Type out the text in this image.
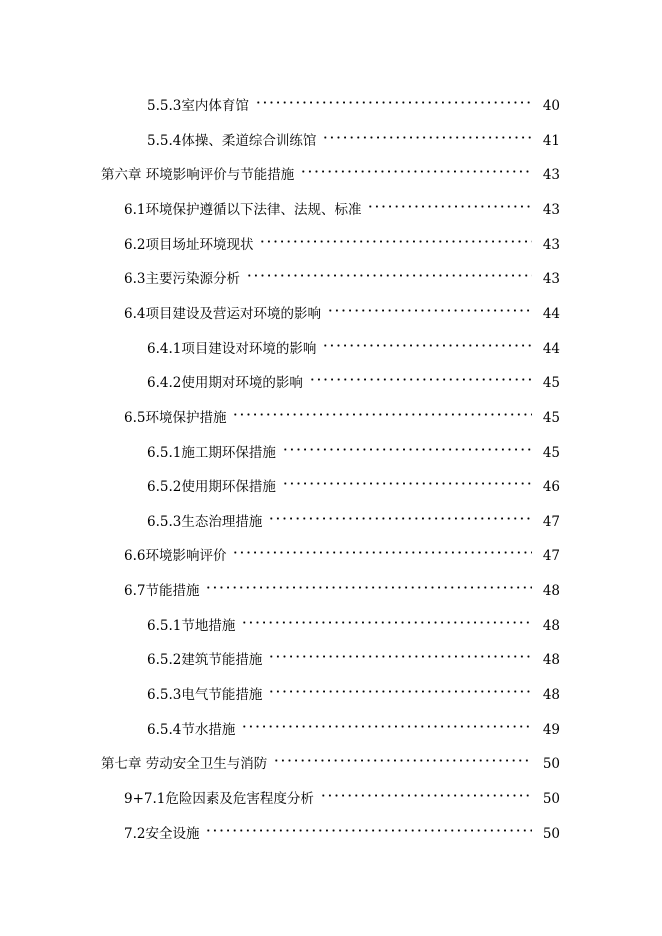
5.5.3室内体育馆	40
5.5.4体操、柔道综合训练馆	41
第六章 环境影响评价与节能措施	43
6.1环境保护遵循以下法律、法规、标准	43
6.2项目场址环境现状	43
6.3主要污染源分析	43
6.4项目建设及营运对环境的影响	44
6.4.1项目建设对环境的影响	44
6.4.2使用期对环境的影响	45
6.5环境保护措施	45
6.5.1施工期环保措施	45
6.5.2使用期环保措施	46
6.5.3生态治理措施	47
6.6环境影响评价	47
6.7节能措施	48
6.5.1节地措施	48
6.5.2建筑节能措施	48
6.5.3电气节能措施	48
6.5.4节水措施	49
第七章 劳动安全卫生与消防	50
9+7.1危险因素及危害程度分析	50
7.2安全设施	50
